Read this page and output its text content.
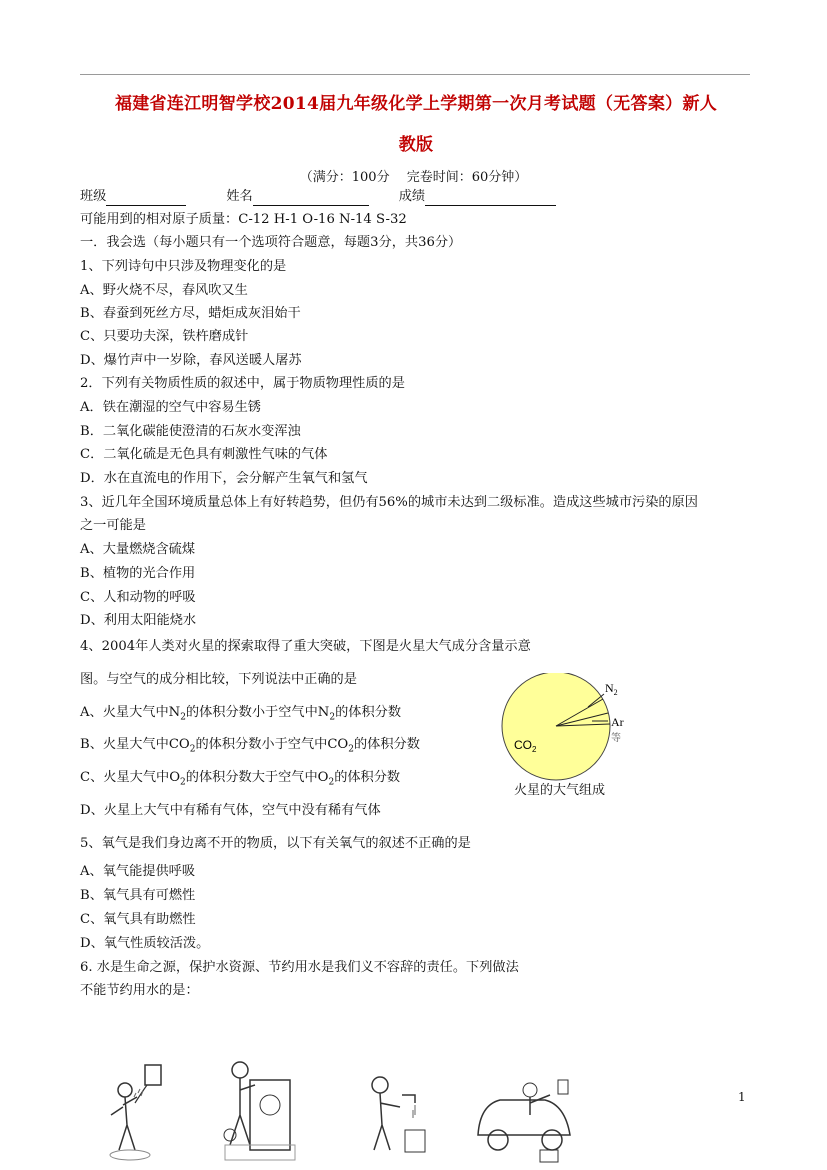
福建省连江明智学校2014届九年级化学上学期第一次月考试题（无答案）新人
教版
（满分：100分　 完卷时间：60分钟）
班级	姓名	成绩
可能用到的相对原子质量：C-12 H-1 O-16 N-14 S-32
一．我会选（每小题只有一个选项符合题意，每题3分，共36分）
1、下列诗句中只涉及物理变化的是
A、野火烧不尽，春风吹又生
B、春蚕到死丝方尽，蜡炬成灰泪始干
C、只要功夫深，铁杵磨成针
D、爆竹声中一岁除，春风送暖人屠苏
2．下列有关物质性质的叙述中，属于物质物理性质的是
A．铁在潮湿的空气中容易生锈
B．二氧化碳能使澄清的石灰水变浑浊
C．二氧化硫是无色具有刺激性气味的气体
D．水在直流电的作用下，会分解产生氧气和氢气
3、近几年全国环境质量总体上有好转趋势，但仍有56%的城市未达到二级标准。造成这些城市污染的原因
之一可能是
A、大量燃烧含硫煤
B、植物的光合作用
C、人和动物的呼吸
D、利用太阳能烧水
4、2004年人类对火星的探索取得了重大突破，下图是火星大气成分含量示意
图。与空气的成分相比较，下列说法中正确的是
A、火星大气中$N_2$的体积分数小于空气中$N_2$的体积分数
B、火星大气中$CO_2$的体积分数小于空气中$CO_2$的体积分数
C、火星大气中$O_2$的体积分数大于空气中$O_2$的体积分数
D、火星上大气中有稀有气体，空气中没有稀有气体
$N_2$
Ar
等
$CO_2$
火星的大气组成
5、氧气是我们身边离不开的物质，以下有关氧气的叙述不正确的是
A、氧气能提供呼吸
B、氧气具有可燃性
C、氧气具有助燃性
D、氧气性质较活泼。
6. 水是生命之源，保护水资源、节约用水是我们义不容辞的责任。下列做法
不能节约用水的是：
1
